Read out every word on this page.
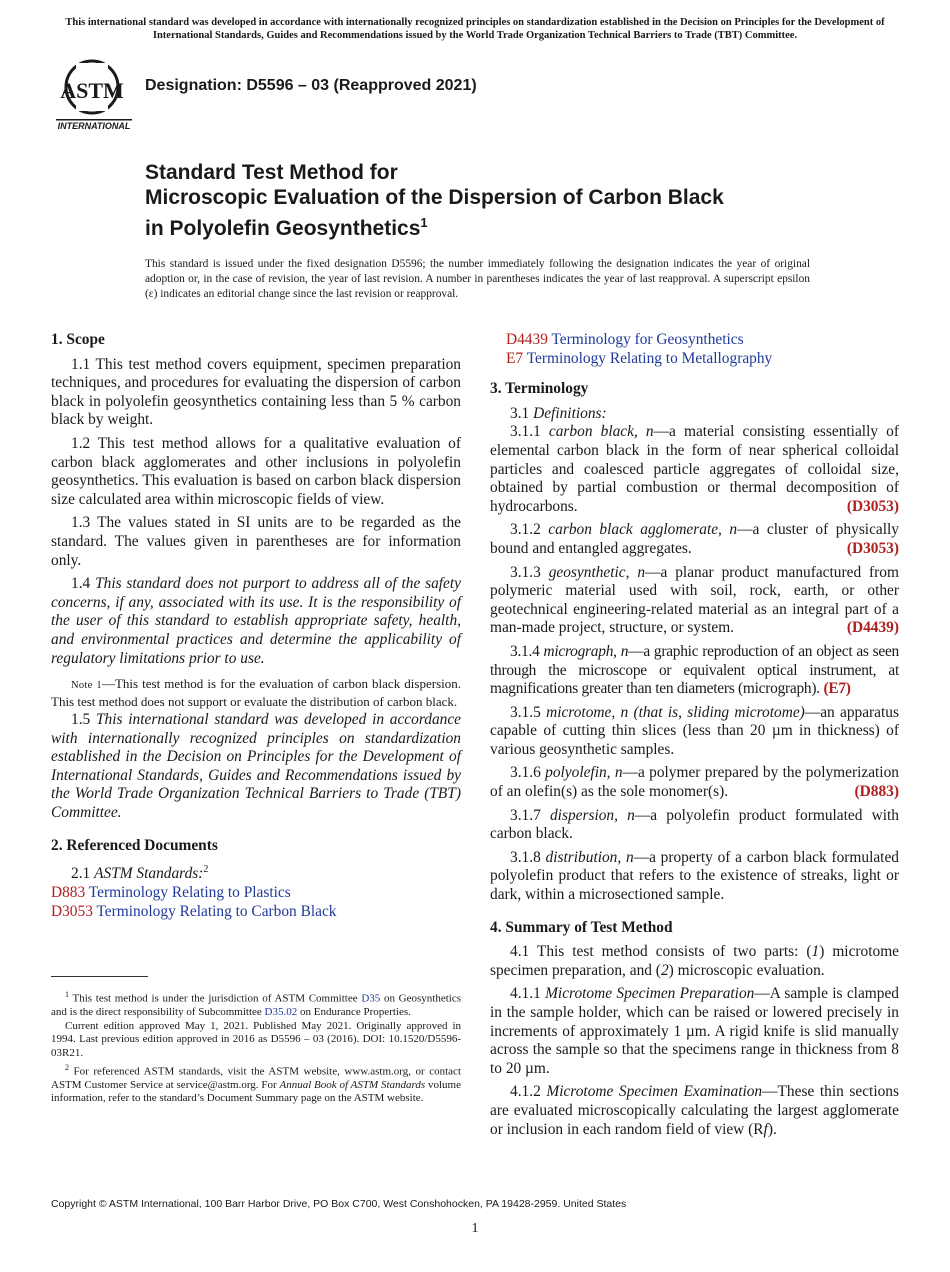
This international standard was developed in accordance with internationally recognized principles on standardization established in the Decision on Principles for the Development of International Standards, Guides and Recommendations issued by the World Trade Organization Technical Barriers to Trade (TBT) Committee.
ASTM
INTERNATIONAL
Designation: D5596 – 03 (Reapproved 2021)
Standard Test Method for
Microscopic Evaluation of the Dispersion of Carbon Black
in Polyolefin Geosynthetics$^1$
This standard is issued under the fixed designation D5596; the number immediately following the designation indicates the year of original adoption or, in the case of revision, the year of last revision. A number in parentheses indicates the year of last reapproval. A superscript epsilon (ε) indicates an editorial change since the last revision or reapproval.
1. Scope

1.1 This test method covers equipment, specimen preparation techniques, and procedures for evaluating the dispersion of carbon black in polyolefin geosynthetics containing less than 5 % carbon black by weight.

1.2 This test method allows for a qualitative evaluation of carbon black agglomerates and other inclusions in polyolefin geosynthetics. This evaluation is based on carbon black dispersion size calculated area within microscopic fields of view.

1.3 The values stated in SI units are to be regarded as the standard. The values given in parentheses are for information only.

1.4 This standard does not purport to address all of the safety concerns, if any, associated with its use. It is the responsibility of the user of this standard to establish appropriate safety, health, and environmental practices and determine the applicability of regulatory limitations prior to use.

Note 1—This test method is for the evaluation of carbon black dispersion. This test method does not support or evaluate the distribution of carbon black.

1.5 This international standard was developed in accordance with internationally recognized principles on standardization established in the Decision on Principles for the Development of International Standards, Guides and Recommendations issued by the World Trade Organization Technical Barriers to Trade (TBT) Committee.

2. Referenced Documents
2.1 ASTM Standards:$^2$
D883 Terminology Relating to Plastics
D3053 Terminology Relating to Carbon Black

$^1$ This test method is under the jurisdiction of ASTM Committee D35 on Geosynthetics and is the direct responsibility of Subcommittee D35.02 on Endurance Properties.

Current edition approved May 1, 2021. Published May 2021. Originally approved in 1994. Last previous edition approved in 2016 as D5596 – 03 (2016). DOI: 10.1520/D5596-03R21.

$^2$ For referenced ASTM standards, visit the ASTM website, www.astm.org, or contact ASTM Customer Service at service@astm.org. For Annual Book of ASTM Standards volume information, refer to the standard’s Document Summary page on the ASTM website.

D4439 Terminology for Geosynthetics
E7 Terminology Relating to Metallography
3. Terminology
3.1 Definitions:

3.1.1 carbon black, n—a material consisting essentially of elemental carbon black in the form of near spherical colloidal particles and coalesced particle aggregates of colloidal size, obtained by partial combustion or thermal decomposition of hydrocarbons.	(D3053)

3.1.2 carbon black agglomerate, n—a cluster of physically bound and entangled aggregates.	(D3053)

3.1.3 geosynthetic, n—a planar product manufactured from polymeric material used with soil, rock, earth, or other geotechnical engineering-related material as an integral part of a man-made project, structure, or system.	(D4439)

3.1.4 micrograph, n—a graphic reproduction of an object as seen through the microscope or equivalent optical instrument, at magnifications greater than ten diameters (micrograph). (E7)

3.1.5 microtome, n (that is, sliding microtome)—an apparatus capable of cutting thin slices (less than 20 µm in thickness) of various geosynthetic samples.

3.1.6 polyolefin, n—a polymer prepared by the polymerization of an olefin(s) as the sole monomer(s).	(D883)

3.1.7 dispersion, n—a polyolefin product formulated with carbon black.

3.1.8 distribution, n—a property of a carbon black formulated polyolefin product that refers to the existence of streaks, light or dark, within a microsectioned sample.

4. Summary of Test Method

4.1 This test method consists of two parts: (1) microtome specimen preparation, and (2) microscopic evaluation.

4.1.1 Microtome Specimen Preparation—A sample is clamped in the sample holder, which can be raised or lowered precisely in increments of approximately 1 µm. A rigid knife is slid manually across the sample so that the specimens range in thickness from 8 to 20 µm.

4.1.2 Microtome Specimen Examination—These thin sections are evaluated microscopically calculating the largest agglomerate or inclusion in each random field of view (Rf).

Copyright © ASTM International, 100 Barr Harbor Drive, PO Box C700, West Conshohocken, PA 19428-2959. United States
1
